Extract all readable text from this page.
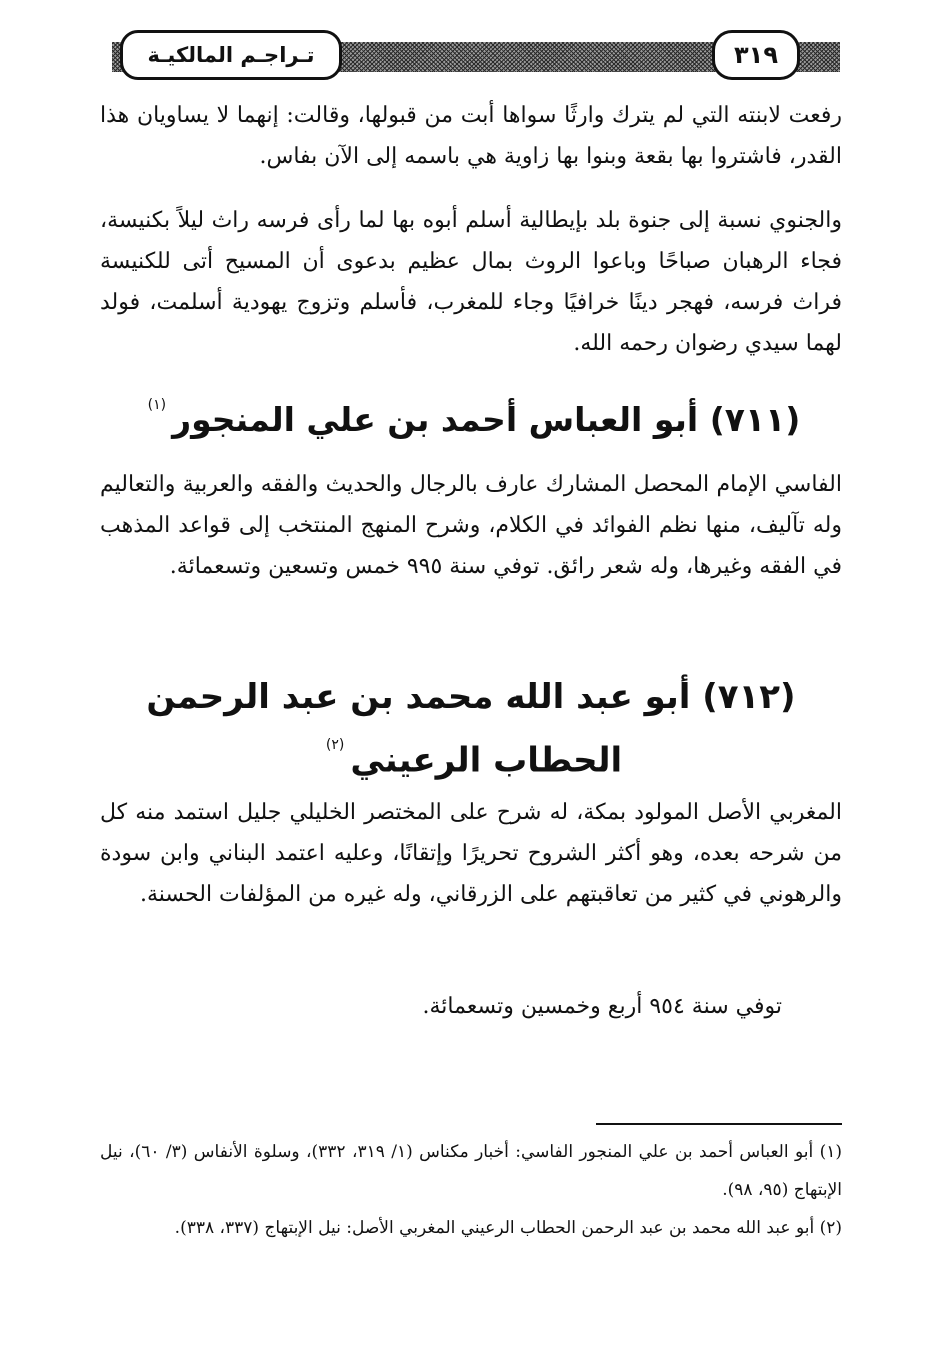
تـراجـم المالكيـة	٣١٩

رفعت لابنته التي لم يترك وارثًا سواها أبت من قبولها، وقالت: إنهما لا يساويان هذا القدر، فاشتروا بها بقعة وبنوا بها زاوية هي باسمه إلى الآن بفاس.

والجنوي نسبة إلى جنوة بلد بإيطالية أسلم أبوه بها لما رأى فرسه راث ليلاً بكنيسة، فجاء الرهبان صباحًا وباعوا الروث بمال عظيم بدعوى أن المسيح أتى للكنيسة فراث فرسه، فهجر دينًا خرافيًا وجاء للمغرب، فأسلم وتزوج يهودية أسلمت، فولد لهما سيدي رضوان رحمه الله.

(٧١١) أبو العباس أحمد بن علي المنجور$^{(١)}$

الفاسي الإمام المحصل المشارك عارف بالرجال والحديث والفقه والعربية والتعاليم وله تآليف، منها نظم الفوائد في الكلام، وشرح المنهج المنتخب إلى قواعد المذهب في الفقه وغيرها، وله شعر رائق. توفي سنة ٩٩٥ خمس وتسعين وتسعمائة.

(٧١٢) أبو عبد الله محمد بن عبد الرحمن الحطاب الرعيني$^{(٢)}$

المغربي الأصل المولود بمكة، له شرح على المختصر الخليلي جليل استمد منه كل من شرحه بعده، وهو أكثر الشروح تحريرًا وإتقانًا، وعليه اعتمد البناني وابن سودة والرهوني في كثير من تعاقبتهم على الزرقاني، وله غيره من المؤلفات الحسنة.

توفي سنة ٩٥٤ أربع وخمسين وتسعمائة.

(١) أبو العباس أحمد بن علي المنجور الفاسي: أخبار مكناس (١/ ٣١٩، ٣٣٢)، وسلوة الأنفاس (٣/ ٦٠)، نيل الإبتهاج (٩٥، ٩٨).

(٢) أبو عبد الله محمد بن عبد الرحمن الحطاب الرعيني المغربي الأصل: نيل الإبتهاج (٣٣٧، ٣٣٨).
